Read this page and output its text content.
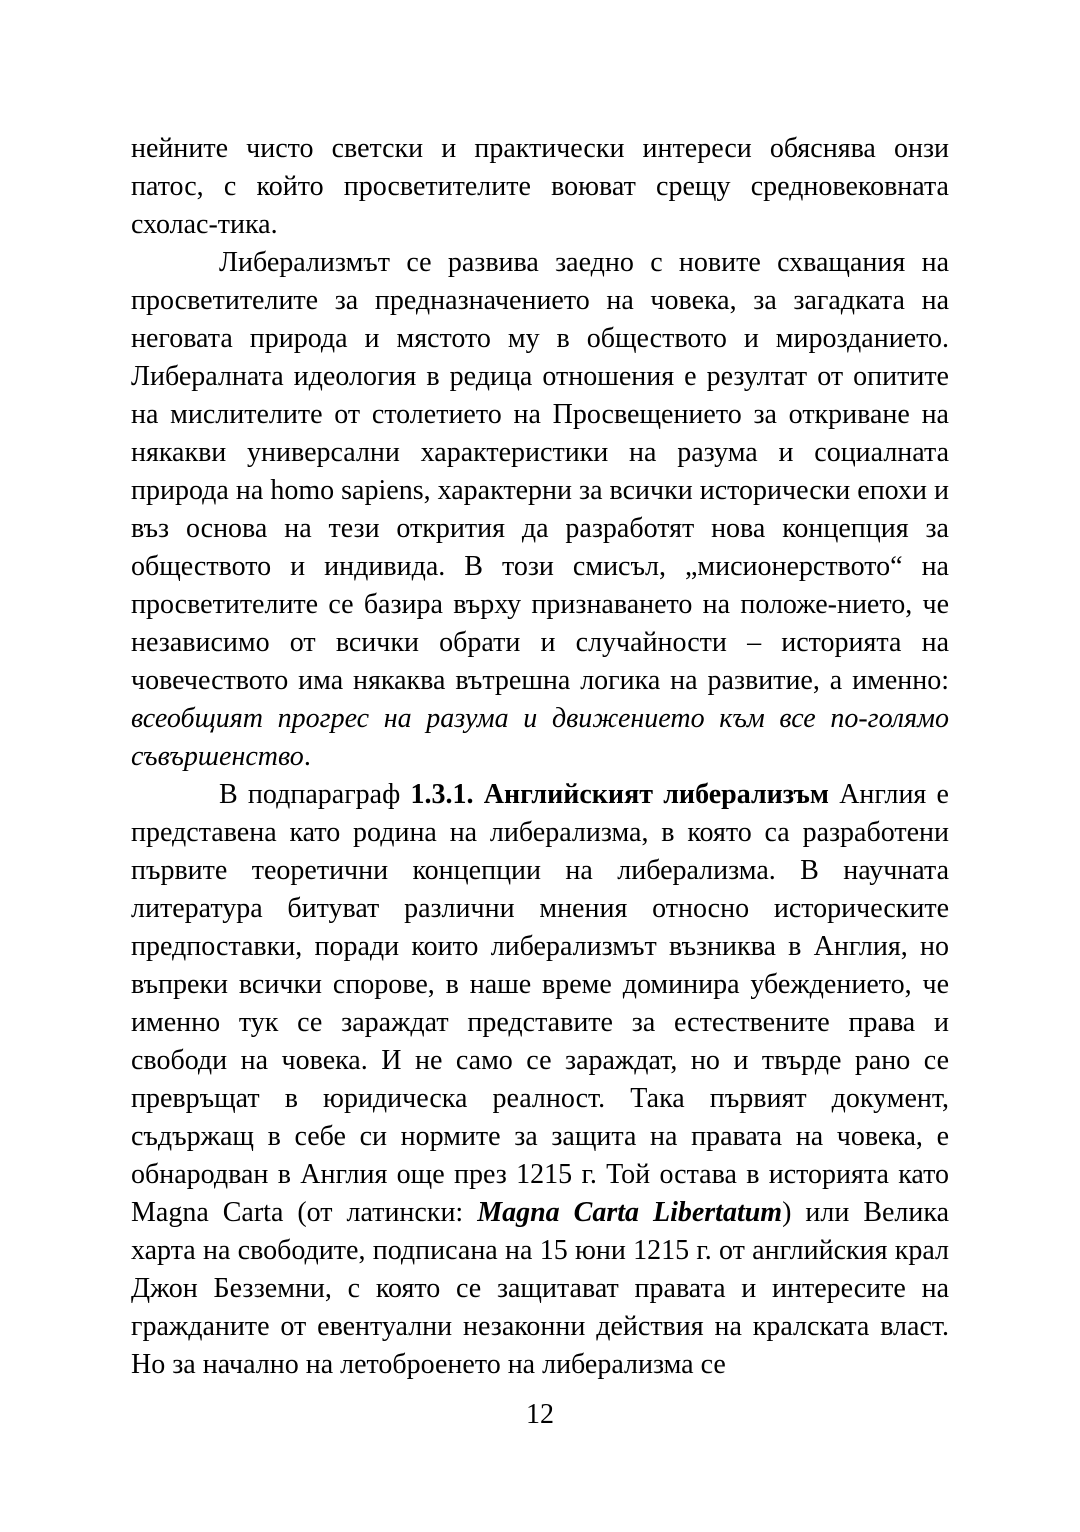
нейните чисто светски и практически интереси обяснява онзи патос, с който просветителите воюват срещу средновековната схолас-тика.

Либерализмът се развива заедно с новите схващания на просветителите за предназначението на човека, за загадката на неговата природа и мястото му в обществото и мирозданието. Либералната идеология в редица отношения е резултат от опитите на мислителите от столетието на Просвещението за откриване на някакви универсални характеристики на разума и социалната природа на homo sapiens, характерни за всички исторически епохи и въз основа на тези открития да разработят нова концепция за обществото и индивида. В този смисъл, „мисионерството“ на просветителите се базира върху признаването на положе-нието, че независимо от всички обрати и случайности – историята на човечеството има някаква вътрешна логика на развитие, а именно: всеобщият прогрес на разума и движението към все по-голямо съвършенство.

В подпараграф 1.3.1. Английският либерализъм Англия е представена като родина на либерализма, в която са разработени първите теоретични концепции на либерализма. В научната литература битуват различни мнения относно историческите предпоставки, поради които либерализмът възниква в Англия, но въпреки всички спорове, в наше време доминира убеждението, че именно тук се зараждат представите за естествените права и свободи на човека. И не само се зараждат, но и твърде рано се превръщат в юридическа реалност. Така първият документ, съдържащ в себе си нормите за защита на правата на човека, е обнародван в Англия още през 1215 г. Той остава в историята като Magna Carta (от латински: Magna Carta Libertatum) или Велика харта на свободите, подписана на 15 юни 1215 г. от английския крал Джон Безземни, с която се защитават правата и интересите на гражданите от евентуални незаконни действия на кралската власт. Но за начално на летоброенето на либерализма се

12
